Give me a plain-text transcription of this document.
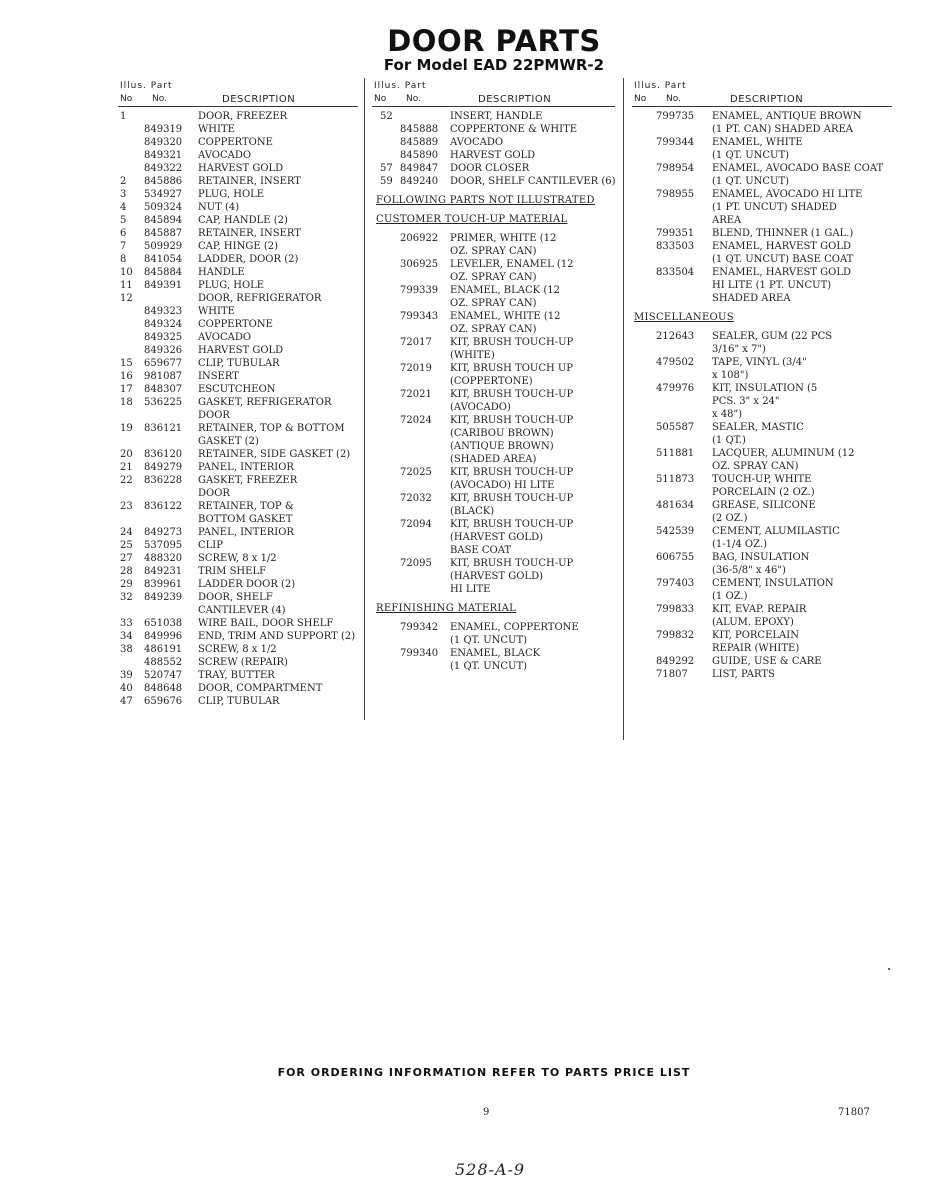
DOOR PARTS
For Model EAD 22PMWR-2
Illus. Part
No No.	DESCRIPTION
1	DOOR, FREEZER
849319 WHITE
849320 COPPERTONE
849321 AVOCADO
849322 HARVEST GOLD
2 845886 RETAINER, INSERT
3 534927 PLUG, HOLE
4 509324 NUT (4)
5 845894 CAP, HANDLE (2)
6 845887 RETAINER, INSERT
7 509929 CAP, HINGE (2)
8 841054 LADDER, DOOR (2)
10 845884 HANDLE
11 849391 PLUG, HOLE
12	DOOR, REFRIGERATOR
849323 WHITE
849324 COPPERTONE
849325 AVOCADO
849326 HARVEST GOLD
15 659677 CLIP, TUBULAR
16 981087 INSERT
17 848307 ESCUTCHEON
18 536225 GASKET, REFRIGERATOR
DOOR
19 836121 RETAINER, TOP & BOTTOM
GASKET (2)
20 836120 RETAINER, SIDE GASKET (2)
21 849279 PANEL, INTERIOR
22 836228 GASKET, FREEZER
DOOR
23 836122 RETAINER, TOP &
BOTTOM GASKET
24 849273 PANEL, INTERIOR
25 537095 CLIP
27 488320 SCREW, 8 x 1/2
28 849231 TRIM SHELF
29 839961 LADDER DOOR (2)
32 849239 DOOR, SHELF
CANTILEVER (4)
33 651038 WIRE BAIL, DOOR SHELF
34 849996 END, TRIM AND SUPPORT (2)
38 486191 SCREW, 8 x 1/2
488552 SCREW (REPAIR)
39 520747 TRAY, BUTTER
40 848648 DOOR, COMPARTMENT
47 659676 CLIP, TUBULAR
Illus. Part
No No.	DESCRIPTION
52	INSERT, HANDLE
845888 COPPERTONE & WHITE
845889 AVOCADO
845890 HARVEST GOLD
57 849847 DOOR CLOSER
59 849240 DOOR, SHELF CANTILEVER (6)
FOLLOWING PARTS NOT ILLUSTRATED
CUSTOMER TOUCH-UP MATERIAL
206922 PRIMER, WHITE (12
OZ. SPRAY CAN)
306925 LEVELER, ENAMEL (12
OZ. SPRAY CAN)
799339 ENAMEL, BLACK (12
OZ. SPRAY CAN)
799343 ENAMEL, WHITE (12
OZ. SPRAY CAN)
72017 KIT, BRUSH TOUCH-UP
(WHITE)
72019 KIT, BRUSH TOUCH UP
(COPPERTONE)
72021 KIT, BRUSH TOUCH-UP
(AVOCADO)
72024 KIT, BRUSH TOUCH-UP
(CARIBOU BROWN)
(ANTIQUE BROWN)
(SHADED AREA)
72025 KIT, BRUSH TOUCH-UP
(AVOCADO) HI LITE
72032 KIT, BRUSH TOUCH-UP
(BLACK)
72094 KIT, BRUSH TOUCH-UP
(HARVEST GOLD)
BASE COAT
72095 KIT, BRUSH TOUCH-UP
(HARVEST GOLD)
HI LITE
REFINISHING MATERIAL
799342 ENAMEL, COPPERTONE
(1 QT. UNCUT)
799340 ENAMEL, BLACK
(1 QT. UNCUT)
Illus. Part
No No.	DESCRIPTION
799735 ENAMEL, ANTIQUE BROWN
(1 PT. CAN) SHADED AREA
799344 ENAMEL, WHITE
(1 QT. UNCUT)
798954 ENAMEL, AVOCADO BASE COAT
(1 QT. UNCUT)
798955 ENAMEL, AVOCADO HI LITE
(1 PT. UNCUT) SHADED
AREA
799351 BLEND, THINNER (1 GAL.)
833503 ENAMEL, HARVEST GOLD
(1 QT. UNCUT) BASE COAT
833504 ENAMEL, HARVEST GOLD
HI LITE (1 PT. UNCUT)
SHADED AREA
MISCELLANEOUS
212643 SEALER, GUM (22 PCS
3/16" x 7")
479502 TAPE, VINYL (3/4"
x 108")
479976 KIT, INSULATION (5
PCS. 3" x 24"
x 48")
505587 SEALER, MASTIC
(1 QT.)
511881 LACQUER, ALUMINUM (12
OZ. SPRAY CAN)
511873 TOUCH-UP, WHITE
PORCELAIN (2 OZ.)
481634 GREASE, SILICONE
(2 OZ.)
542539 CEMENT, ALUMILASTIC
(1-1/4 OZ.)
606755 BAG, INSULATION
(36-5/8" x 46")
797403 CEMENT, INSULATION
(1 OZ.)
799833 KIT, EVAP. REPAIR
(ALUM. EPOXY)
799832 KIT, PORCELAIN
REPAIR (WHITE)
849292 GUIDE, USE & CARE
71807 LIST, PARTS
FOR ORDERING INFORMATION REFER TO PARTS PRICE LIST
9	71807
528-A-9
